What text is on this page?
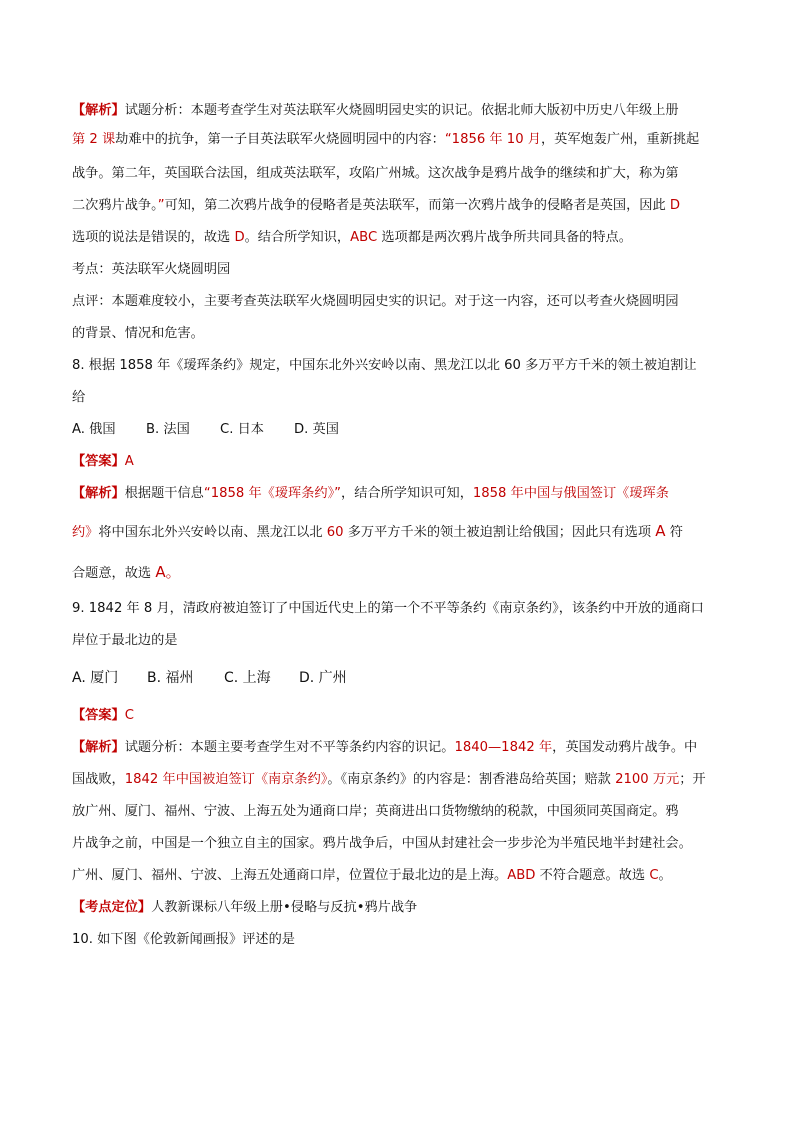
【解析】试题分析：本题考查学生对英法联军火烧圆明园史实的识记。依据北师大版初中历史八年级上册
第 2 课劫难中的抗争，第一子目英法联军火烧圆明园中的内容：“1856 年 10 月，英军炮轰广州，重新挑起
战争。第二年，英国联合法国，组成英法联军，攻陷广州城。这次战争是鸦片战争的继续和扩大，称为第
二次鸦片战争。”可知，第二次鸦片战争的侵略者是英法联军，而第一次鸦片战争的侵略者是英国，因此 D
选项的说法是错误的，故选 D。结合所学知识，ABC 选项都是两次鸦片战争所共同具备的特点。
考点：英法联军火烧圆明园
点评：本题难度较小，主要考查英法联军火烧圆明园史实的识记。对于这一内容，还可以考查火烧圆明园
的背景、情况和危害。
8. 根据 1858 年《瑷珲条约》规定，中国东北外兴安岭以南、黑龙江以北 60 多万平方千米的领土被迫割让
给
A. 俄国 B. 法国 C. 日本 D. 英国
【答案】A
【解析】根据题干信息“1858 年《瑷珲条约》”，结合所学知识可知，1858 年中国与俄国签订《瑷珲条
约》将中国东北外兴安岭以南、黑龙江以北 60 多万平方千米的领土被迫割让给俄国；因此只有选项 A 符
合题意，故选 A。
9. 1842 年 8 月，清政府被迫签订了中国近代史上的第一个不平等条约《南京条约》，该条约中开放的通商口
岸位于最北边的是
A. 厦门 B. 福州 C. 上海 D. 广州
【答案】C
【解析】试题分析：本题主要考查学生对不平等条约内容的识记。1840—1842 年，英国发动鸦片战争。中
国战败，1842 年中国被迫签订《南京条约》。《南京条约》的内容是：割香港岛给英国；赔款 2100 万元；开
放广州、厦门、福州、宁波、上海五处为通商口岸；英商进出口货物缴纳的税款，中国须同英国商定。鸦
片战争之前，中国是一个独立自主的国家。鸦片战争后，中国从封建社会一步步沦为半殖民地半封建社会。
广州、厦门、福州、宁波、上海五处通商口岸，位置位于最北边的是上海。ABD 不符合题意。故选 C。
【考点定位】人教新课标八年级上册•侵略与反抗•鸦片战争
10. 如下图《伦敦新闻画报》评述的是
